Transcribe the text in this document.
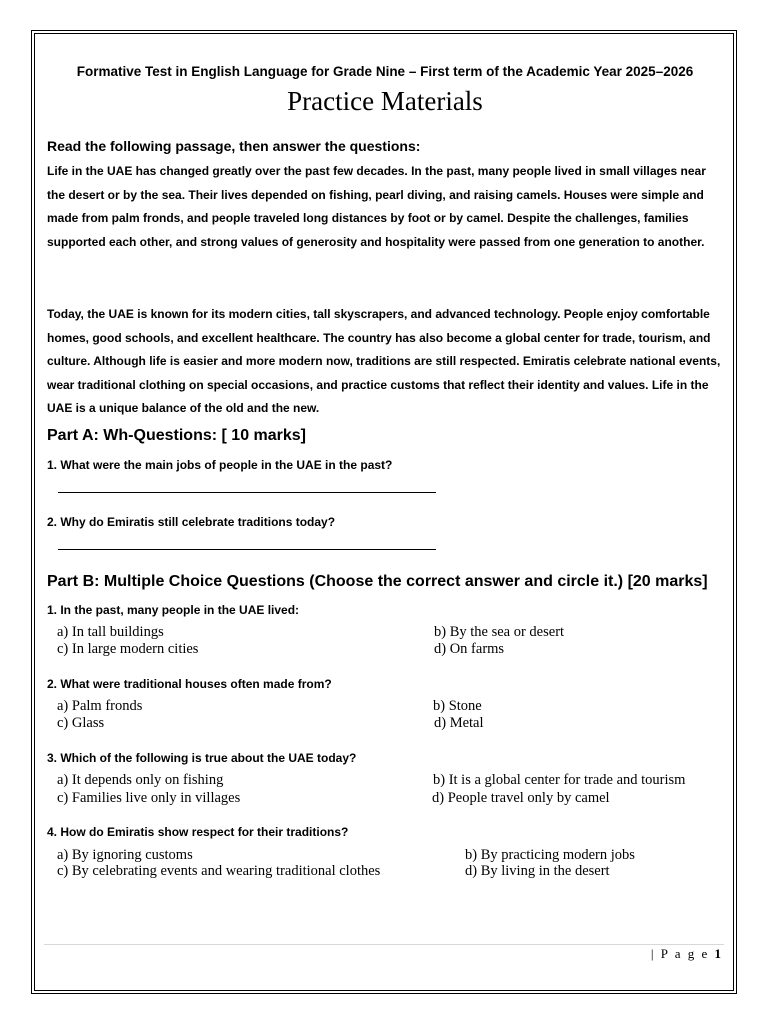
Formative Test in English Language for Grade Nine – First term of the Academic Year 2025–2026
Practice Materials
Read the following passage, then answer the questions:

Life in the UAE has changed greatly over the past few decades. In the past, many people lived in small villages near the desert or by the sea. Their lives depended on fishing, pearl diving, and raising camels. Houses were simple and made from palm fronds, and people traveled long distances by foot or by camel. Despite the challenges, families supported each other, and strong values of generosity and hospitality were passed from one generation to another.

Today, the UAE is known for its modern cities, tall skyscrapers, and advanced technology. People enjoy comfortable homes, good schools, and excellent healthcare. The country has also become a global center for trade, tourism, and culture. Although life is easier and more modern now, traditions are still respected. Emiratis celebrate national events, wear traditional clothing on special occasions, and practice customs that reflect their identity and values. Life in the UAE is a unique balance of the old and the new.

Part A: Wh-Questions: [ 10 marks]
1. What were the main jobs of people in the UAE in the past?
2. Why do Emiratis still celebrate traditions today?
Part B: Multiple Choice Questions (Choose the correct answer and circle it.) [20 marks]
1. In the past, many people in the UAE lived:
a) In tall buildings	b) By the sea or desert
c) In large modern cities	d) On farms
2. What were traditional houses often made from?
a) Palm fronds	b) Stone
c) Glass	d) Metal
3. Which of the following is true about the UAE today?
a) It depends only on fishing	b) It is a global center for trade and tourism
c) Families live only in villages	d) People travel only by camel
4. How do Emiratis show respect for their traditions?
a) By ignoring customs	b) By practicing modern jobs
c) By celebrating events and wearing traditional clothes	d) By living in the desert
| P a g e 1
